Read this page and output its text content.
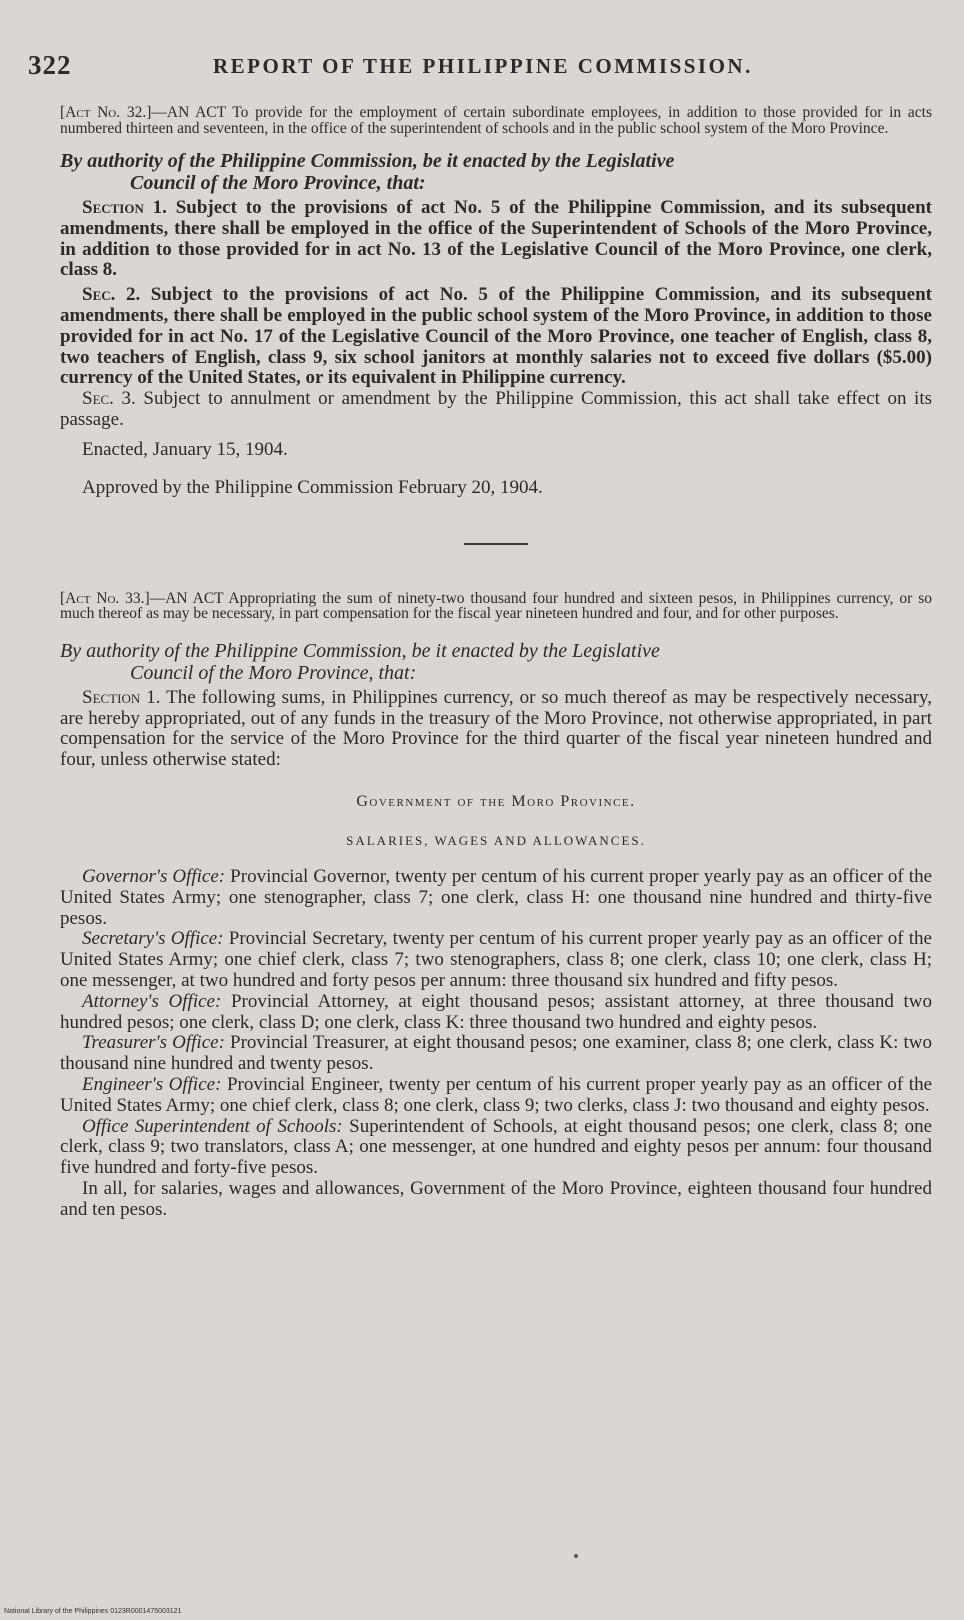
322	REPORT OF THE PHILIPPINE COMMISSION.

[Act No. 32.]—AN ACT To provide for the employment of certain subordinate employees, in addition to those provided for in acts numbered thirteen and seventeen, in the office of the superintendent of schools and in the public school system of the Moro Province.

By authority of the Philippine Commission, be it enacted by the Legislative
Council of the Moro Province, that:

Section 1. Subject to the provisions of act No. 5 of the Philippine Commission, and its subsequent amendments, there shall be employed in the office of the Superintendent of Schools of the Moro Province, in addition to those provided for in act No. 13 of the Legislative Council of the Moro Province, one clerk, class 8.

Sec. 2. Subject to the provisions of act No. 5 of the Philippine Commission, and its subsequent amendments, there shall be employed in the public school system of the Moro Province, in addition to those provided for in act No. 17 of the Legislative Council of the Moro Province, one teacher of English, class 8, two teachers of English, class 9, six school janitors at monthly salaries not to exceed five dollars ($5.00) currency of the United States, or its equivalent in Philippine currency.

Sec. 3. Subject to annulment or amendment by the Philippine Commission, this act shall take effect on its passage.

Enacted, January 15, 1904.

Approved by the Philippine Commission February 20, 1904.

[Act No. 33.]—AN ACT Appropriating the sum of ninety-two thousand four hundred and sixteen pesos, in Philippines currency, or so much thereof as may be necessary, in part compensation for the fiscal year nineteen hundred and four, and for other purposes.

By authority of the Philippine Commission, be it enacted by the Legislative
Council of the Moro Province, that:

Section 1. The following sums, in Philippines currency, or so much thereof as may be respectively necessary, are hereby appropriated, out of any funds in the treasury of the Moro Province, not otherwise appropriated, in part compensation for the service of the Moro Province for the third quarter of the fiscal year nineteen hundred and four, unless otherwise stated:

Government of the Moro Province.

SALARIES, WAGES AND ALLOWANCES.

Governor's Office: Provincial Governor, twenty per centum of his current proper yearly pay as an officer of the United States Army; one stenographer, class 7; one clerk, class H: one thousand nine hundred and thirty-five pesos.

Secretary's Office: Provincial Secretary, twenty per centum of his current proper yearly pay as an officer of the United States Army; one chief clerk, class 7; two stenographers, class 8; one clerk, class 10; one clerk, class H; one messenger, at two hundred and forty pesos per annum: three thousand six hundred and fifty pesos.

Attorney's Office: Provincial Attorney, at eight thousand pesos; assistant attorney, at three thousand two hundred pesos; one clerk, class D; one clerk, class K: three thousand two hundred and eighty pesos.

Treasurer's Office: Provincial Treasurer, at eight thousand pesos; one examiner, class 8; one clerk, class K: two thousand nine hundred and twenty pesos.

Engineer's Office: Provincial Engineer, twenty per centum of his current proper yearly pay as an officer of the United States Army; one chief clerk, class 8; one clerk, class 9; two clerks, class J: two thousand and eighty pesos.

Office Superintendent of Schools: Superintendent of Schools, at eight thousand pesos; one clerk, class 8; one clerk, class 9; two translators, class A; one messenger, at one hundred and eighty pesos per annum: four thousand five hundred and forty-five pesos.

In all, for salaries, wages and allowances, Government of the Moro Province, eighteen thousand four hundred and ten pesos.

National Library of the Philippines 0123R0001475003121
